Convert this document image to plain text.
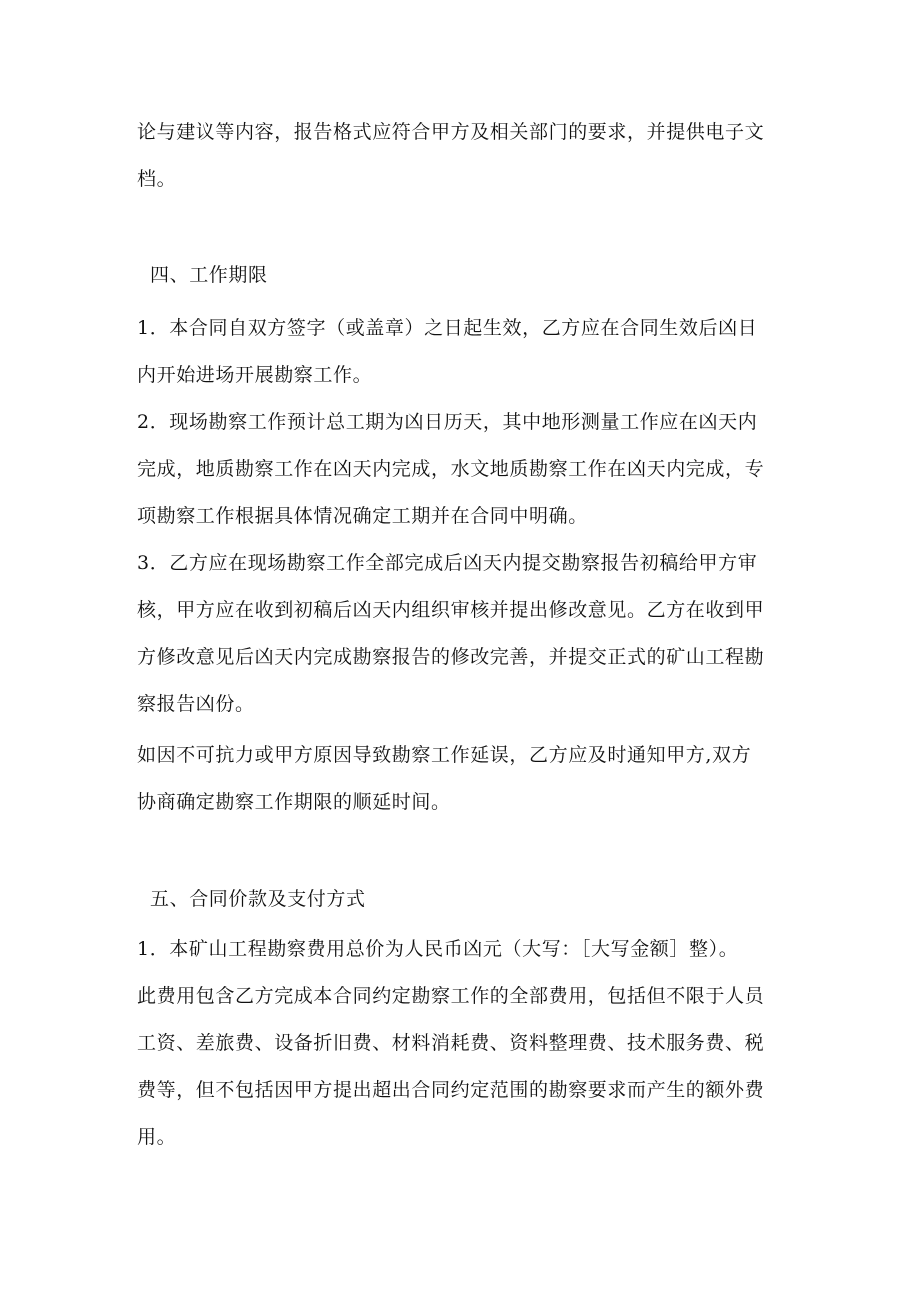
论与建议等内容，报告格式应符合甲方及相关部门的要求，并提供电子文
档。
四、工作期限
1．本合同自双方签字（或盖章）之日起生效，乙方应在合同生效后凶日
内开始进场开展勘察工作。
2．现场勘察工作预计总工期为凶日历天，其中地形测量工作应在凶天内
完成，地质勘察工作在凶天内完成，水文地质勘察工作在凶天内完成，专
项勘察工作根据具体情况确定工期并在合同中明确。
3．乙方应在现场勘察工作全部完成后凶天内提交勘察报告初稿给甲方审
核，甲方应在收到初稿后凶天内组织审核并提出修改意见。乙方在收到甲
方修改意见后凶天内完成勘察报告的修改完善，并提交正式的矿山工程勘
察报告凶份。
如因不可抗力或甲方原因导致勘察工作延误，乙方应及时通知甲方,双方
协商确定勘察工作期限的顺延时间。
五、合同价款及支付方式
1．本矿山工程勘察费用总价为人民币凶元（大写：［大写金额］整）。
此费用包含乙方完成本合同约定勘察工作的全部费用，包括但不限于人员
工资、差旅费、设备折旧费、材料消耗费、资料整理费、技术服务费、税
费等，但不包括因甲方提出超出合同约定范围的勘察要求而产生的额外费
用。
